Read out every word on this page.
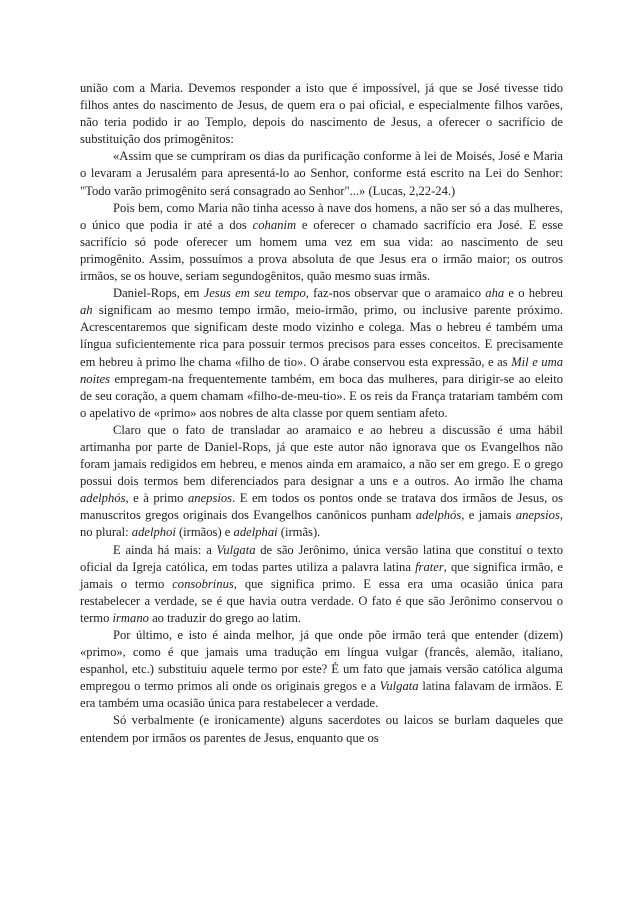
união com a Maria. Devemos responder a isto que é impossível, já que se José tivesse tido filhos antes do nascimento de Jesus, de quem era o pai oficial, e especialmente filhos varões, não teria podido ir ao Templo, depois do nascimento de Jesus, a oferecer o sacrifício de substituição dos primogênitos:

«Assim que se cumpriram os dias da purificação conforme à lei de Moisés, José e Maria o levaram a Jerusalém para apresentá-lo ao Senhor, conforme está escrito na Lei do Senhor: "Todo varão primogênito será consagrado ao Senhor"...» (Lucas, 2,22-24.)

Pois bem, como Maria não tinha acesso à nave dos homens, a não ser só a das mulheres, o único que podia ir até a dos cohanim e oferecer o chamado sacrifício era José. E esse sacrifício só pode oferecer um homem uma vez em sua vida: ao nascimento de seu primogênito. Assim, possuímos a prova absoluta de que Jesus era o irmão maior; os outros irmãos, se os houve, seriam segundogênitos, quão mesmo suas irmãs.

Daniel-Rops, em Jesus em seu tempo, faz-nos observar que o aramaico aha e o hebreu ah significam ao mesmo tempo irmão, meio-irmão, primo, ou inclusive parente próximo. Acrescentaremos que significam deste modo vizinho e colega. Mas o hebreu é também uma língua suficientemente rica para possuir termos precisos para esses conceitos. E precisamente em hebreu à primo lhe chama «filho de tio». O árabe conservou esta expressão, e as Mil e uma noites empregam-na frequentemente também, em boca das mulheres, para dirigir-se ao eleito de seu coração, a quem chamam «filho-de-meu-tio». E os reis da França tratariam também com o apelativo de «primo» aos nobres de alta classe por quem sentiam afeto.

Claro que o fato de transladar ao aramaico e ao hebreu a discussão é uma hábil artimanha por parte de Daniel-Rops, já que este autor não ignorava que os Evangelhos não foram jamais redigidos em hebreu, e menos ainda em aramaico, a não ser em grego. E o grego possui dois termos bem diferenciados para designar a uns e a outros. Ao irmão lhe chama adelphós, e à primo anepsios. E em todos os pontos onde se tratava dos irmãos de Jesus, os manuscritos gregos originais dos Evangelhos canônicos punham adelphós, e jamais anepsios, no plural: adelphoi (irmãos) e adelphai (irmãs).

E ainda há mais: a Vulgata de são Jerônimo, única versão latina que constituí o texto oficial da Igreja católica, em todas partes utiliza a palavra latina frater, que significa irmão, e jamais o termo consobrinus, que significa primo. E essa era uma ocasião única para restabelecer a verdade, se é que havia outra verdade. O fato é que são Jerônimo conservou o termo irmano ao traduzir do grego ao latim.

Por último, e isto é ainda melhor, já que onde põe irmão terá que entender (dizem) «primo», como é que jamais uma tradução em língua vulgar (francês, alemão, italiano, espanhol, etc.) substituiu aquele termo por este? É um fato que jamais versão católica alguma empregou o termo primos ali onde os originais gregos e a Vulgata latina falavam de irmãos. E era também uma ocasião única para restabelecer a verdade.

Só verbalmente (e ironicamente) alguns sacerdotes ou laicos se burlam daqueles que entendem por irmãos os parentes de Jesus, enquanto que os
